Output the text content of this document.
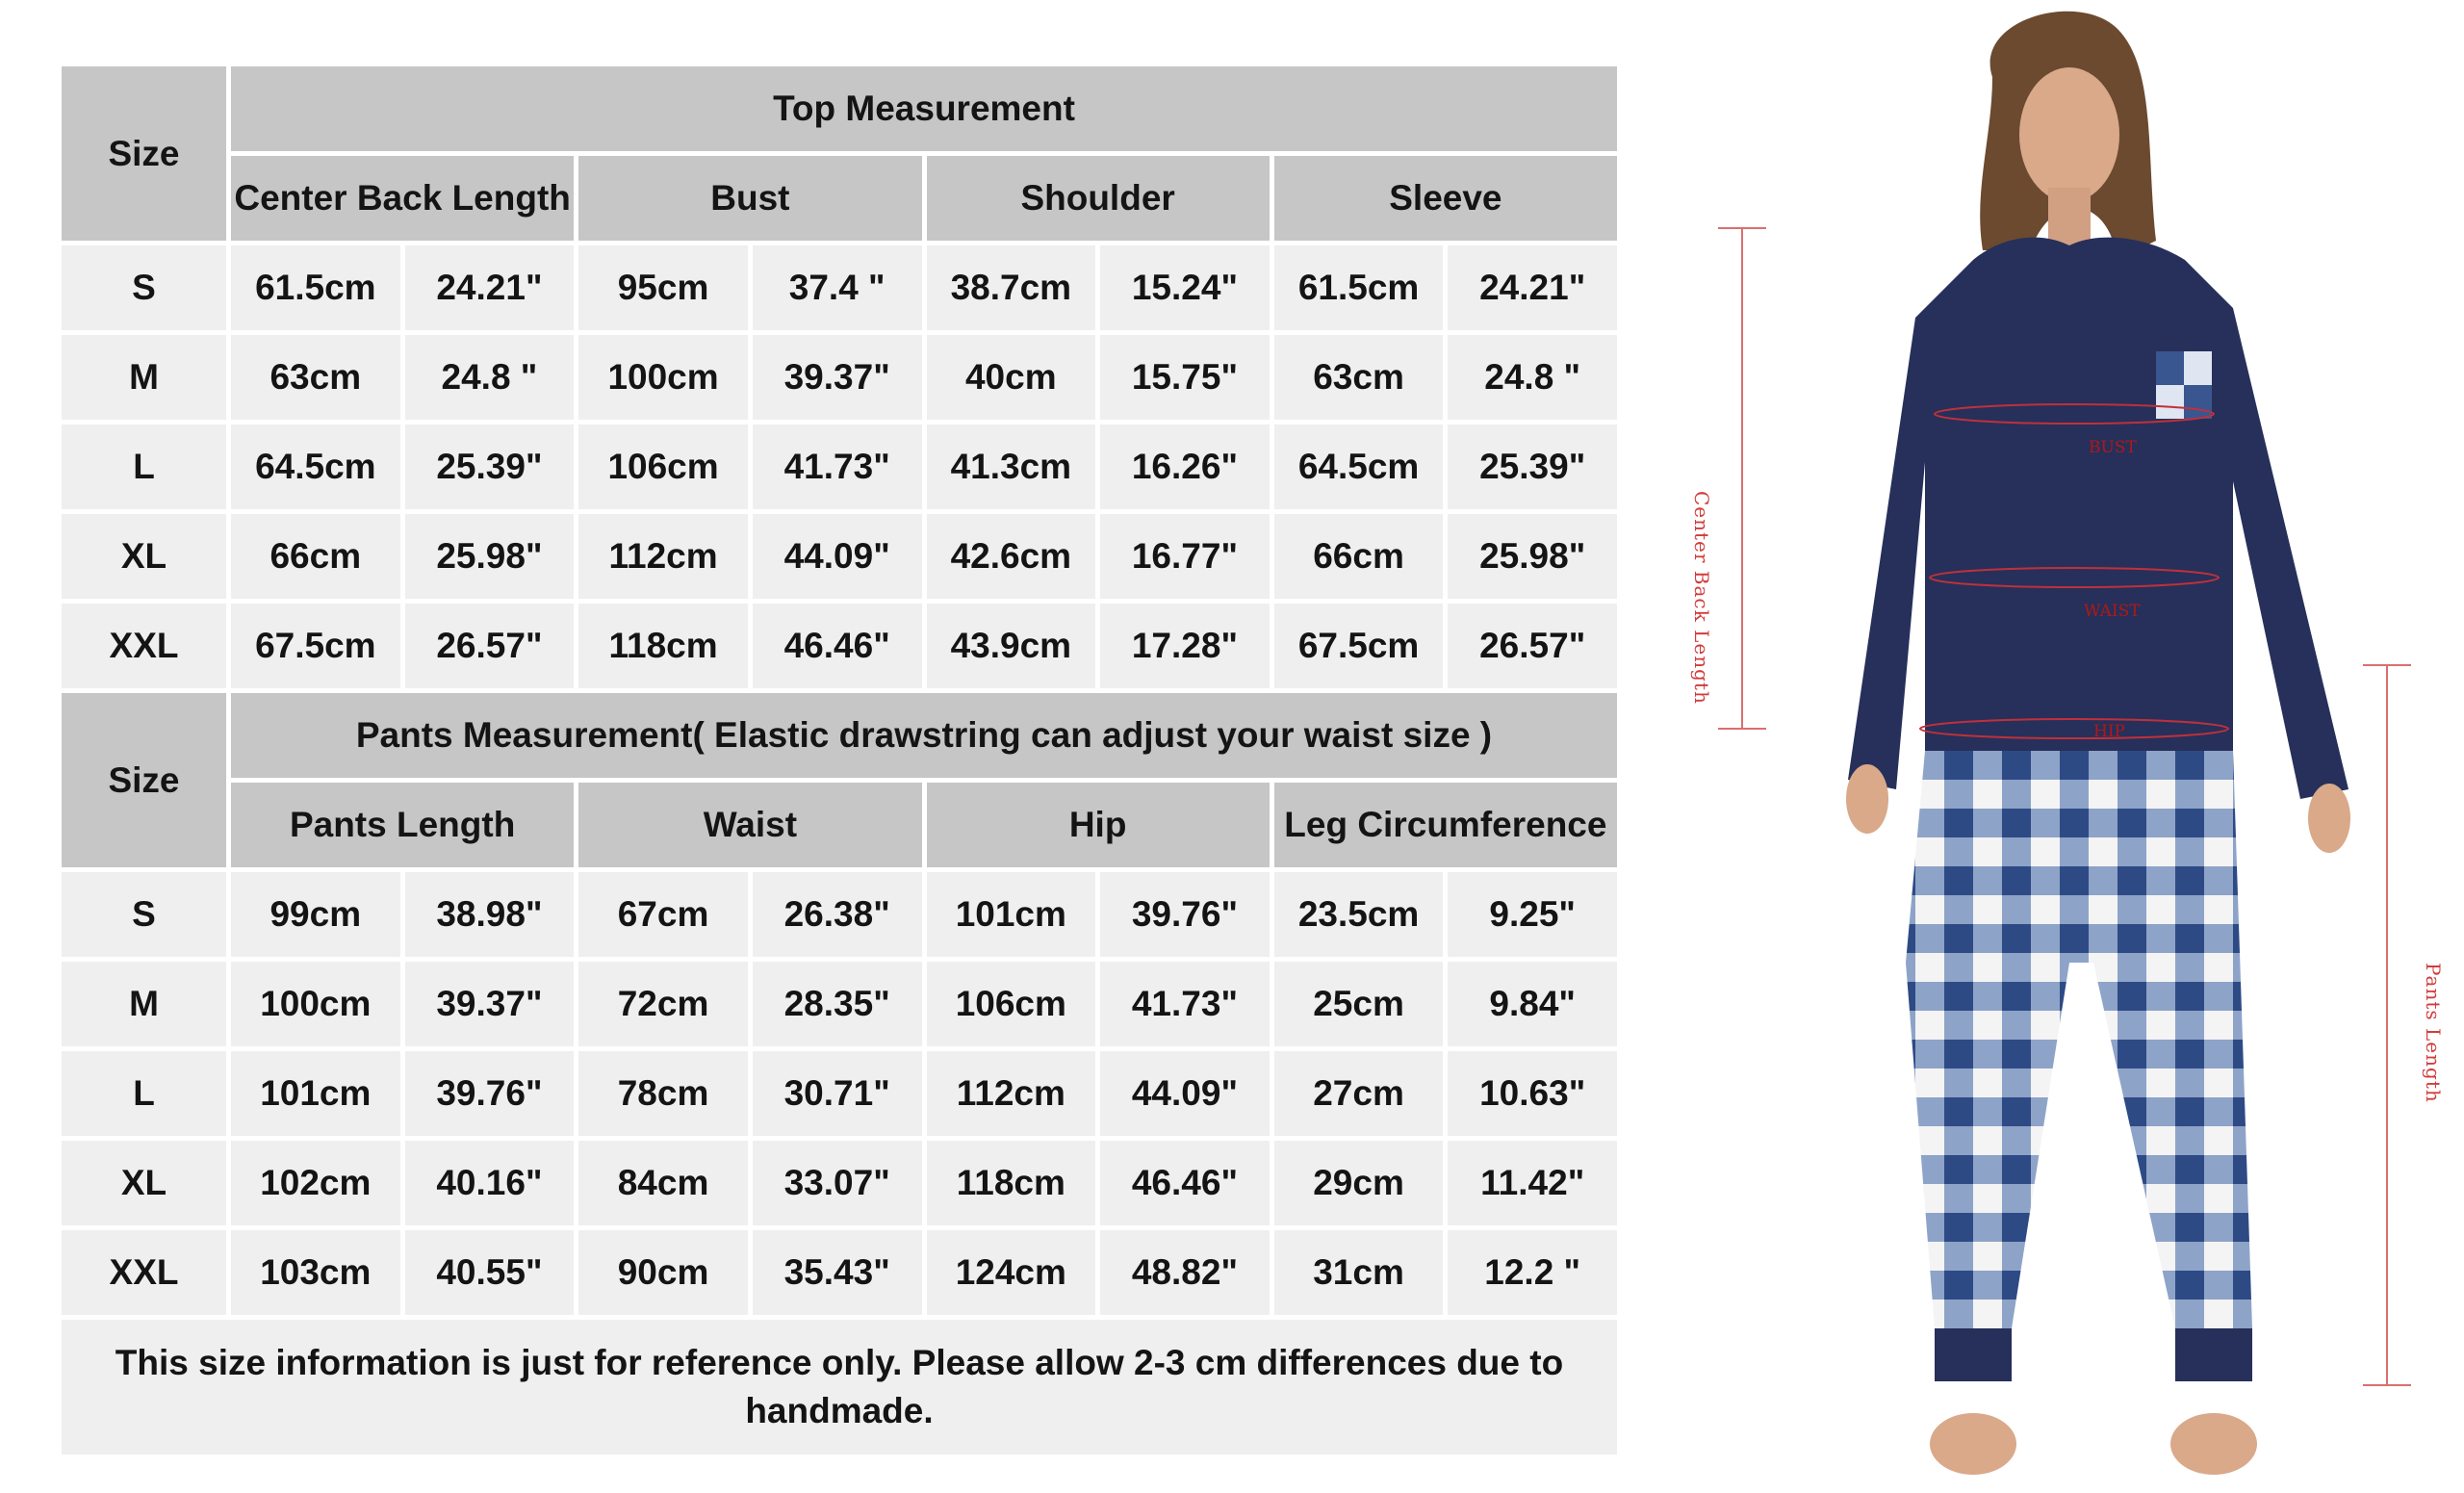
Size	Top Measurement							
	Center Back Length		Bust		Shoulder		Sleeve	
S	61.5cm	24.21"	95cm	37.4 "	38.7cm	15.24"	61.5cm	24.21"
M	63cm	24.8 "	100cm	39.37"	40cm	15.75"	63cm	24.8 "
L	64.5cm	25.39"	106cm	41.73"	41.3cm	16.26"	64.5cm	25.39"
XL	66cm	25.98"	112cm	44.09"	42.6cm	16.77"	66cm	25.98"
XXL	67.5cm	26.57"	118cm	46.46"	43.9cm	17.28"	67.5cm	26.57"
Size	Pants Measurement( Elastic drawstring can adjust your waist size )							
	Pants Length		Waist		Hip		Leg Circumference	
S	99cm	38.98"	67cm	26.38"	101cm	39.76"	23.5cm	9.25"
M	100cm	39.37"	72cm	28.35"	106cm	41.73"	25cm	9.84"
L	101cm	39.76"	78cm	30.71"	112cm	44.09"	27cm	10.63"
XL	102cm	40.16"	84cm	33.07"	118cm	46.46"	29cm	11.42"
XXL	103cm	40.55"	90cm	35.43"	124cm	48.82"	31cm	12.2 "
This size information is just for reference only. Please allow 2-3 cm differences due to handmade.
Center Back Length
Pants Length
BUST
WAIST
HIP
